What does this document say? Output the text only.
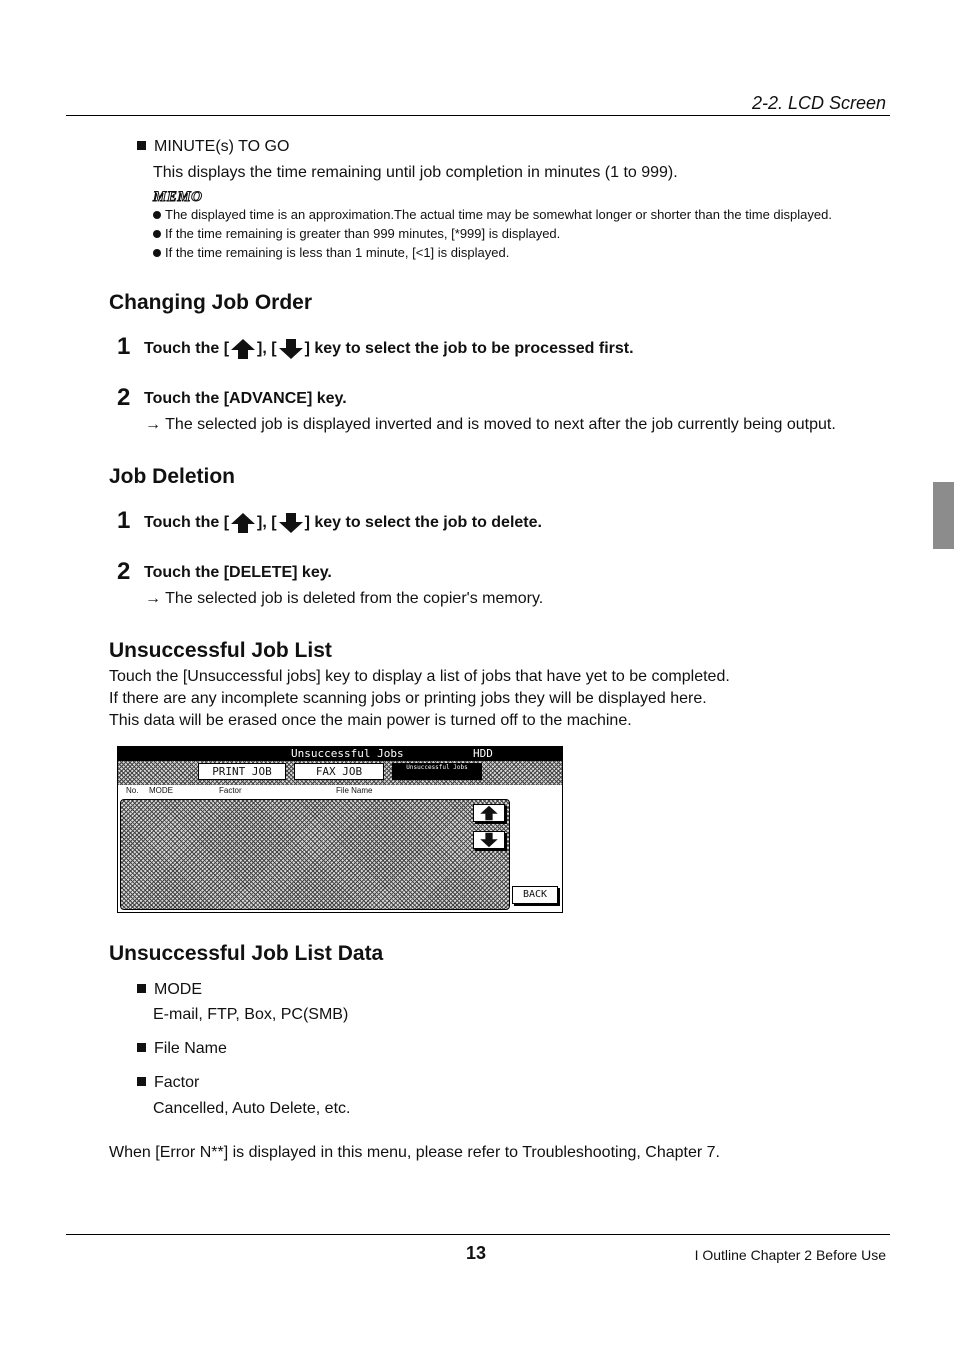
2-2. LCD Screen
MINUTE(s) TO GO
This displays the time remaining until job completion in minutes (1 to 999).
MEMO
The displayed time is an approximation.The actual time may be somewhat longer or shorter than the time displayed.
If the time remaining is greater than 999 minutes, [*999] is displayed.
If the time remaining is less than 1 minute, [<1] is displayed.
Changing Job Order
1 Touch the [ ], [ ] key to select the job to be processed first.
2 Touch the [ADVANCE] key.
→ The selected job is displayed inverted and is moved to next after the job currently being output.
Job Deletion
1 Touch the [ ], [ ] key to select the job to delete.
2 Touch the [DELETE] key.
→ The selected job is deleted from the copier's memory.
Unsuccessful Job List
Touch the [Unsuccessful jobs] key to display a list of jobs that have yet to be completed.
If there are any incomplete scanning jobs or printing jobs they will be displayed here.
This data will be erased once the main power is turned off to the machine.
Unsuccessful Jobs	HDD
PRINT JOB	FAX JOB	Unsuccessful Jobs
No. MODE	Factor	File Name
BACK
Unsuccessful Job List Data
MODE
E-mail, FTP, Box, PC(SMB)
File Name
Factor
Cancelled, Auto Delete, etc.
When [Error N**] is displayed in this menu, please refer to Troubleshooting, Chapter 7.
13	I Outline Chapter 2 Before Use
